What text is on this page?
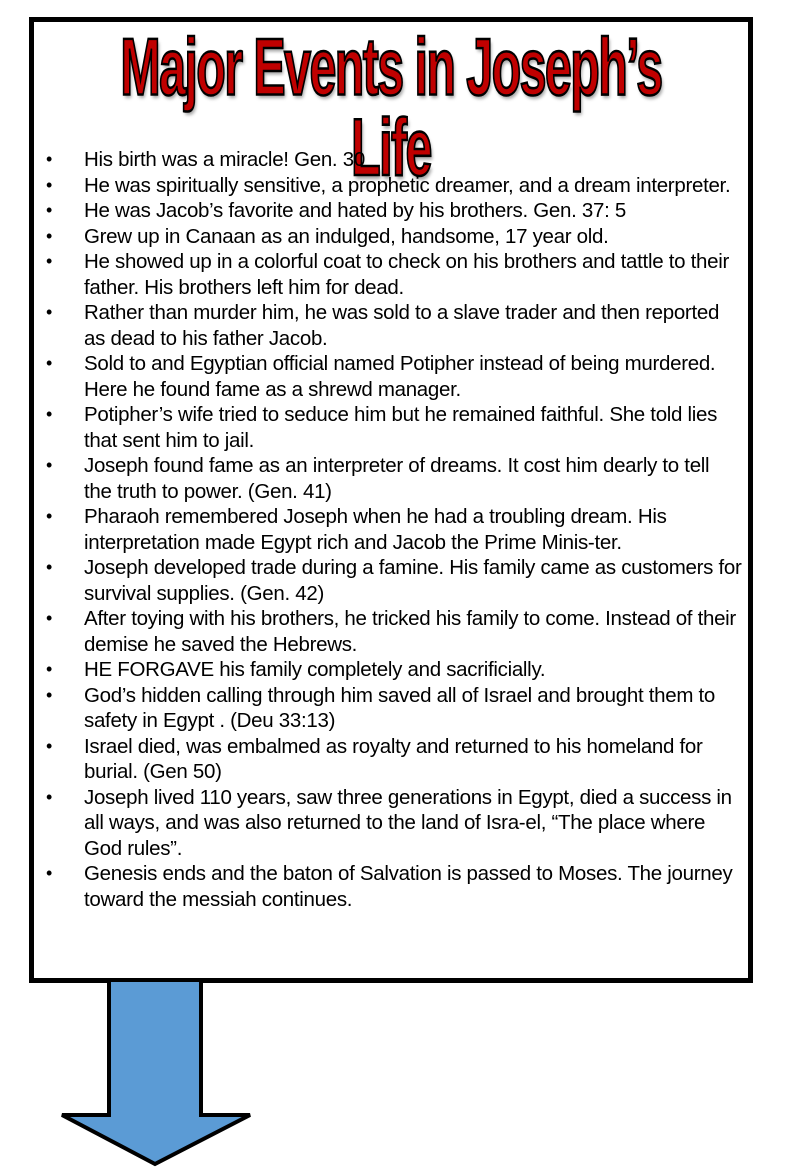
Major Events in Joseph’s Life
•	His birth was a miracle! Gen. 30
•	He was spiritually sensitive, a prophetic dreamer, and a dream interpreter.
•	He was Jacob’s favorite and hated by his brothers. Gen. 37: 5
•	Grew up in Canaan as an indulged, handsome, 17 year old.
•	He showed up in a colorful coat to check on his brothers and tattle to their father. His brothers left him for dead.
•	Rather than murder him, he was sold to a slave trader and then reported as dead to his father Jacob.
•	Sold to and Egyptian official named Potipher instead of being murdered. Here he found fame as a shrewd manager.
•	Potipher’s wife tried to seduce him but he remained faithful. She told lies that sent him to jail.
•	Joseph found fame as an interpreter of dreams. It cost him dearly to tell the truth to power. (Gen. 41)
•	Pharaoh remembered Joseph when he had a troubling dream. His interpretation made Egypt rich and Jacob the Prime Minis-ter.
•	Joseph developed trade during a famine. His family came as customers for survival supplies. (Gen. 42)
•	After toying with his brothers, he tricked his family to come. Instead of their demise he saved the Hebrews.
•	HE FORGAVE his family completely and sacrificially.
•	God’s hidden calling through him saved all of Israel and brought them to safety in Egypt . (Deu 33:13)
•	Israel died, was embalmed as royalty and returned to his homeland for burial. (Gen 50)
•	Joseph lived 110 years, saw three generations in Egypt, died a success in all ways, and was also returned to the land of Isra-el, “The place where God rules”.
•	Genesis ends and the baton of Salvation is passed to Moses. The journey toward the messiah continues.
